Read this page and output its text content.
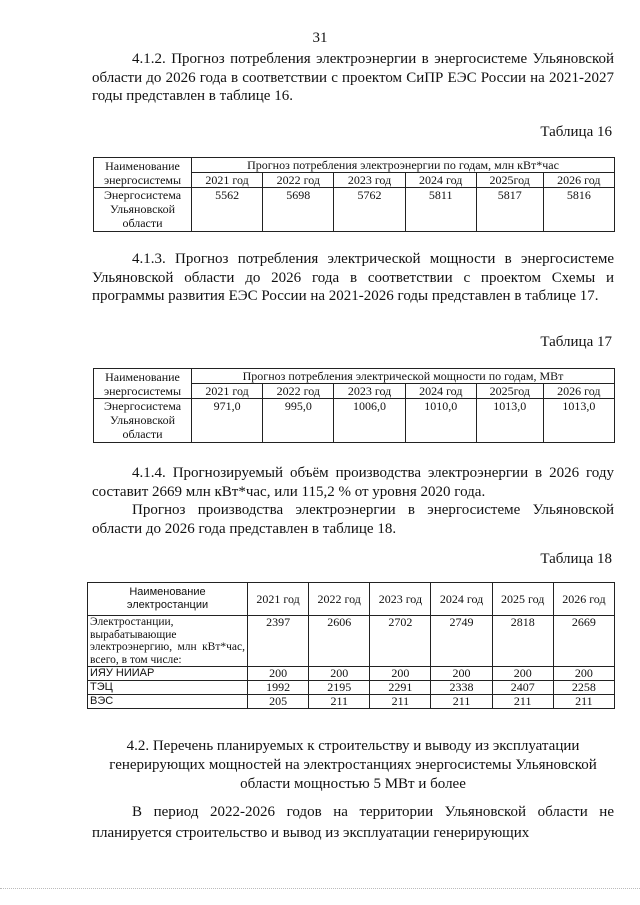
31

4.1.2. Прогноз потребления электроэнергии в энергосистеме Ульяновской области до 2026 года в соответствии с проектом СиПР ЕЭС России на 2021-2027 годы представлен в таблице 16.

Таблица 16
Наименование энергосистемы	Прогноз потребления электроэнергии по годам, млн кВт*час					
	2021 год	2022 год	2023 год	2024 год	2025год	2026 год
Энергосистема Ульяновской области	5562	5698	5762	5811	5817	5816

4.1.3. Прогноз потребления электрической мощности в энергосистеме Ульяновской области до 2026 года в соответствии с проектом Схемы и программы развития ЕЭС России на 2021-2026 годы представлен в таблице 17.

Таблица 17
Наименование энергосистемы	Прогноз потребления электрической мощности по годам, МВт					
	2021 год	2022 год	2023 год	2024 год	2025год	2026 год
Энергосистема Ульяновской области	971,0	995,0	1006,0	1010,0	1013,0	1013,0

4.1.4. Прогнозируемый объём производства электроэнергии в 2026 году составит 2669 млн кВт*час, или 115,2 % от уровня 2020 года.

Прогноз производства электроэнергии в энергосистеме Ульяновской области до 2026 года представлен в таблице 18.

Таблица 18
Наименование электростанции	2021 год	2022 год	2023 год	2024 год	2025 год	2026 год
Электростанции, вырабатывающие электроэнергию, млн кВт*час, всего, в том числе:	2397	2606	2702	2749	2818	2669
ИЯУ НИИАР	200	200	200	200	200	200
ТЭЦ	1992	2195	2291	2338	2407	2258
ВЭС	205	211	211	211	211	211
4.2. Перечень планируемых к строительству и выводу из эксплуатации генерирующих мощностей на электростанциях энергосистемы Ульяновской области мощностью 5 МВт и более

В период 2022-2026 годов на территории Ульяновской области не планируется строительство и вывод из эксплуатации генерирующих
